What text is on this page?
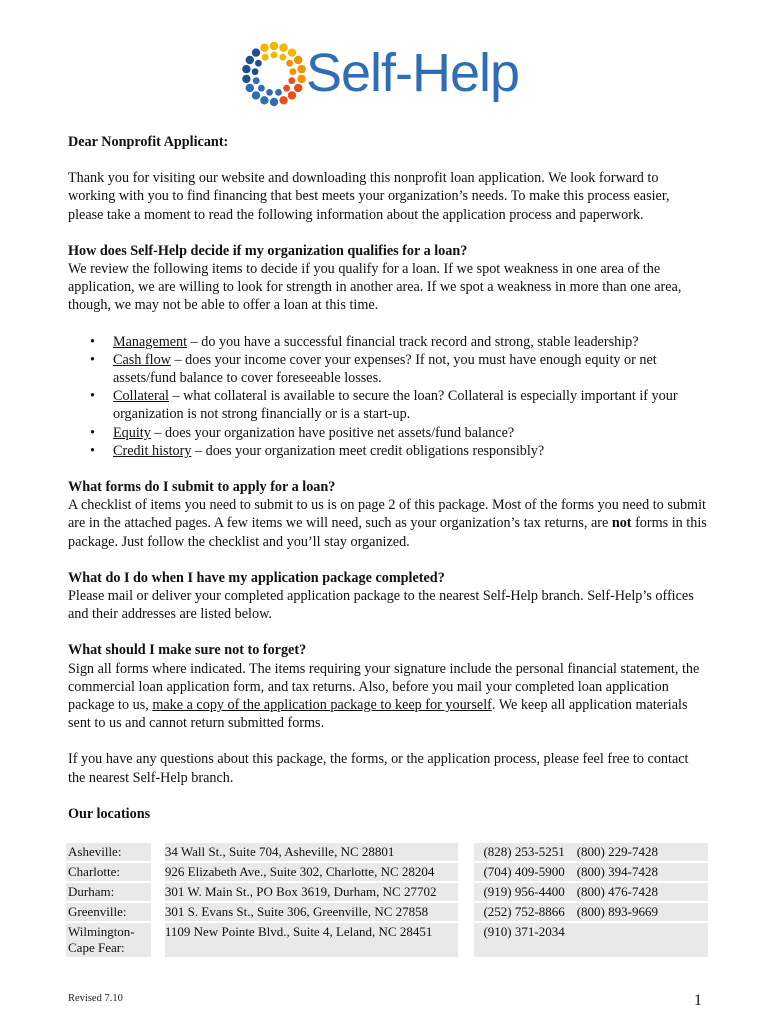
Self-Help

Dear Nonprofit Applicant:

Thank you for visiting our website and downloading this nonprofit loan application. We look forward to working with you to find financing that best meets your organization’s needs. To make this process easier, please take a moment to read the following information about the application process and paperwork.

How does Self-Help decide if my organization qualifies for a loan?

We review the following items to decide if you qualify for a loan. If we spot weakness in one area of the application, we are willing to look for strength in another area. If we spot a weakness in more than one area, though, we may not be able to offer a loan at this time.

• Management – do you have a successful financial track record and strong, stable leadership?
• Cash flow – does your income cover your expenses? If not, you must have enough equity or net assets/fund balance to cover foreseeable losses.
• Collateral – what collateral is available to secure the loan? Collateral is especially important if your organization is not strong financially or is a start-up.
• Equity – does your organization have positive net assets/fund balance?
• Credit history – does your organization meet credit obligations responsibly?

What forms do I submit to apply for a loan?

A checklist of items you need to submit to us is on page 2 of this package. Most of the forms you need to submit are in the attached pages. A few items we will need, such as your organization’s tax returns, are not forms in this package. Just follow the checklist and you’ll stay organized.

What do I do when I have my application package completed?

Please mail or deliver your completed application package to the nearest Self-Help branch. Self-Help’s offices and their addresses are listed below.

What should I make sure not to forget?

Sign all forms where indicated. The items requiring your signature include the personal financial statement, the commercial loan application form, and tax returns. Also, before you mail your completed loan application package to us, make a copy of the application package to keep for yourself. We keep all application materials sent to us and cannot return submitted forms.

If you have any questions about this package, the forms, or the application process, please feel free to contact the nearest Self-Help branch.

Our locations

Asheville:		34 Wall St., Suite 704, Asheville, NC 28801		(828) 253-5251	(800) 229-7428
Charlotte:		926 Elizabeth Ave., Suite 302, Charlotte, NC 28204		(704) 409-5900	(800) 394-7428
Durham:		301 W. Main St., PO Box 3619, Durham, NC 27702		(919) 956-4400	(800) 476-7428
Greenville:		301 S. Evans St., Suite 306, Greenville, NC 27858		(252) 752-8866	(800) 893-9669
Wilmington-Cape Fear:		1109 New Pointe Blvd., Suite 4, Leland, NC 28451		(910) 371-2034	
Revised 7.10	1
